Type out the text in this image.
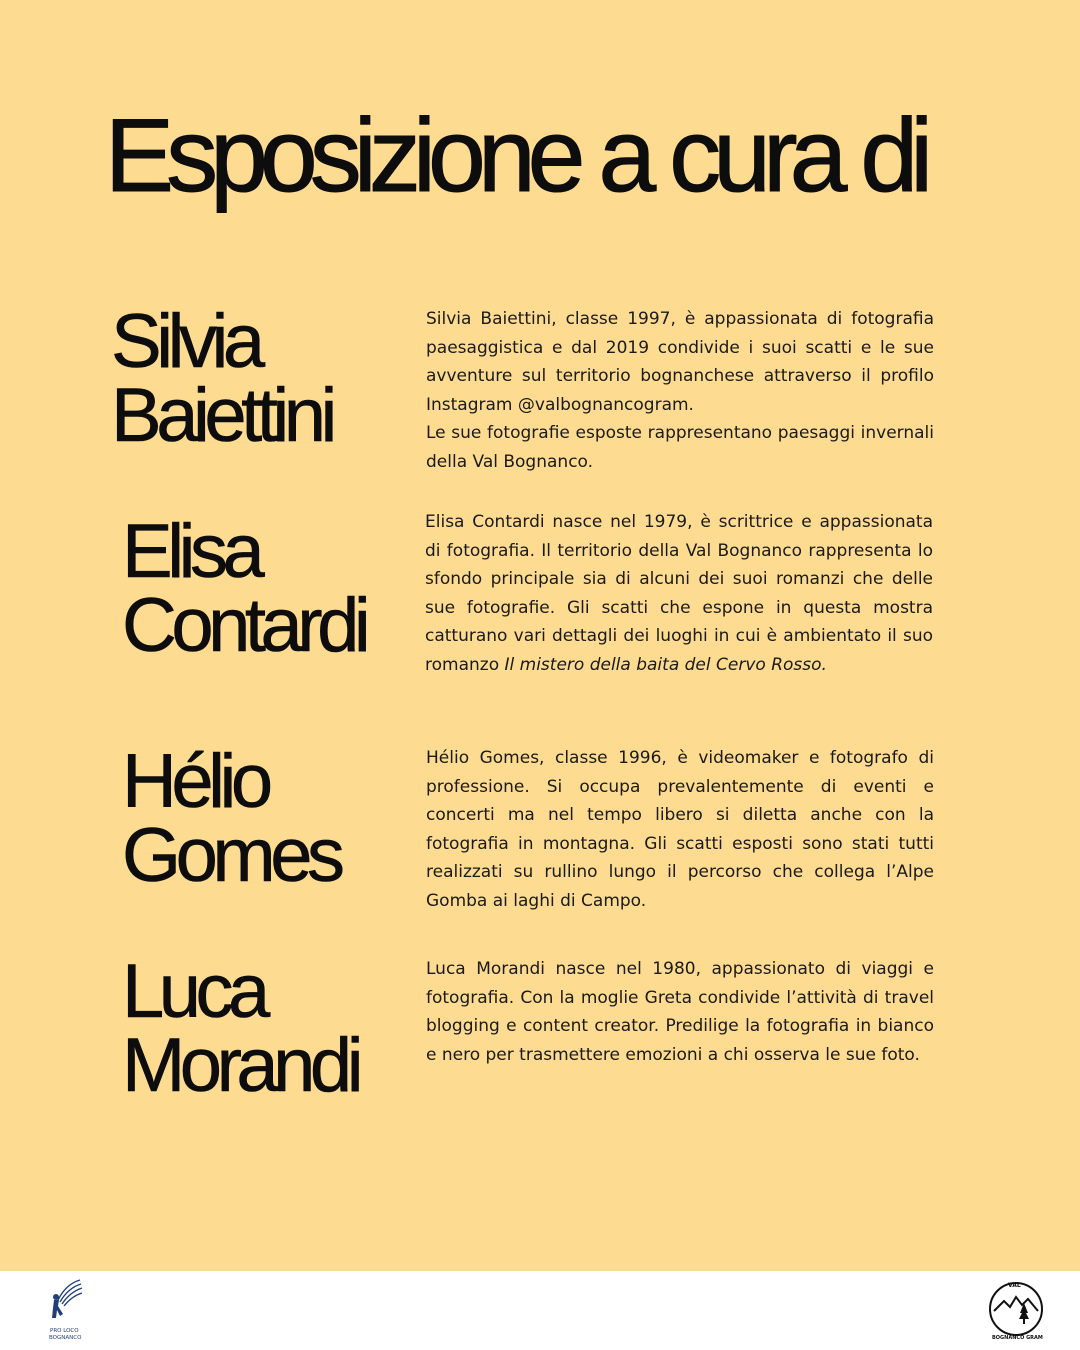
Esposizione a cura di
Silvia
Baiettini

Silvia Baiettini, classe 1997, è appassionata di fotografia paesaggistica e dal 2019 condivide i suoi scatti e le sue avventure sul territorio bognanchese attraverso il profilo Instagram @valbognancogram.

Le sue fotografie esposte rappresentano paesaggi invernali della Val Bognanco.

Elisa
Contardi

Elisa Contardi nasce nel 1979, è scrittrice e appassionata di fotografia. Il territorio della Val Bognanco rappresenta lo sfondo principale sia di alcuni dei suoi romanzi che delle sue fotografie. Gli scatti che espone in questa mostra catturano vari dettagli dei luoghi in cui è ambientato il suo romanzo Il mistero della baita del Cervo Rosso.

Hélio
Gomes

Hélio Gomes, classe 1996, è videomaker e fotografo di professione. Si occupa prevalentemente di eventi e concerti ma nel tempo libero si diletta anche con la fotografia in montagna. Gli scatti esposti sono stati tutti realizzati su rullino lungo il percorso che collega l’Alpe Gomba ai laghi di Campo.

Luca
Morandi

Luca Morandi nasce nel 1980, appassionato di viaggi e fotografia. Con la moglie Greta condivide l’attività di travel blogging e content creator. Predilige la fotografia in bianco e nero per trasmettere emozioni a chi osserva le sue foto.

PRO LOCO
BOGNANCO
VAL
BOGNANCO GRAM
